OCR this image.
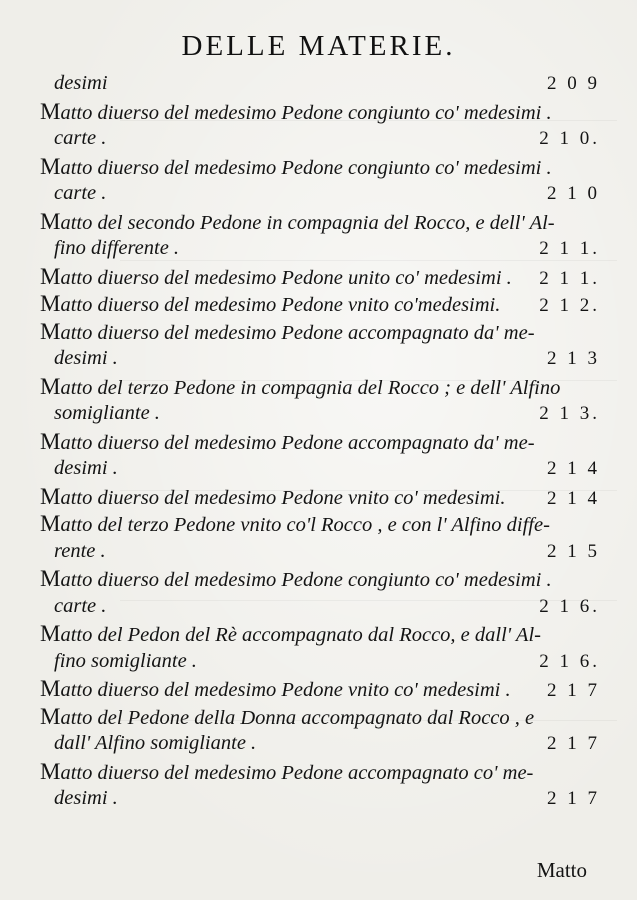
DELLE MATERIE.
desimi	2 0 9
Matto diuerso del medesimo Pedone congiunto co' medesimi .
carte .	2 1 0.
Matto diuerso del medesimo Pedone congiunto co' medesimi .
carte .	2 1 0
Matto del secondo Pedone in compagnia del Rocco, e dell' Al-
fino differente .	2 1 1.
Matto diuerso del medesimo Pedone unito co' medesimi . 2 1 1.
Matto diuerso del medesimo Pedone vnito co'medesimi. 2 1 2.
Matto diuerso del medesimo Pedone accompagnato da' me-
desimi .	2 1 3
Matto del terzo Pedone in compagnia del Rocco ; e dell' Alfino
somigliante .	2 1 3.
Matto diuerso del medesimo Pedone accompagnato da' me-
desimi .	2 1 4
Matto diuerso del medesimo Pedone vnito co' medesimi. 2 1 4
Matto del terzo Pedone vnito co'l Rocco , e con l' Alfino diffe-
rente .	2 1 5
Matto diuerso del medesimo Pedone congiunto co' medesimi .
carte .	2 1 6.
Matto del Pedon del Rè accompagnato dal Rocco, e dall' Al-
fino somigliante .	2 1 6.
Matto diuerso del medesimo Pedone vnito co' medesimi . 2 1 7
Matto del Pedone della Donna accompagnato dal Rocco , e
dall' Alfino somigliante .	2 1 7
Matto diuerso del medesimo Pedone accompagnato co' me-
desimi .	2 1 7
Matto
